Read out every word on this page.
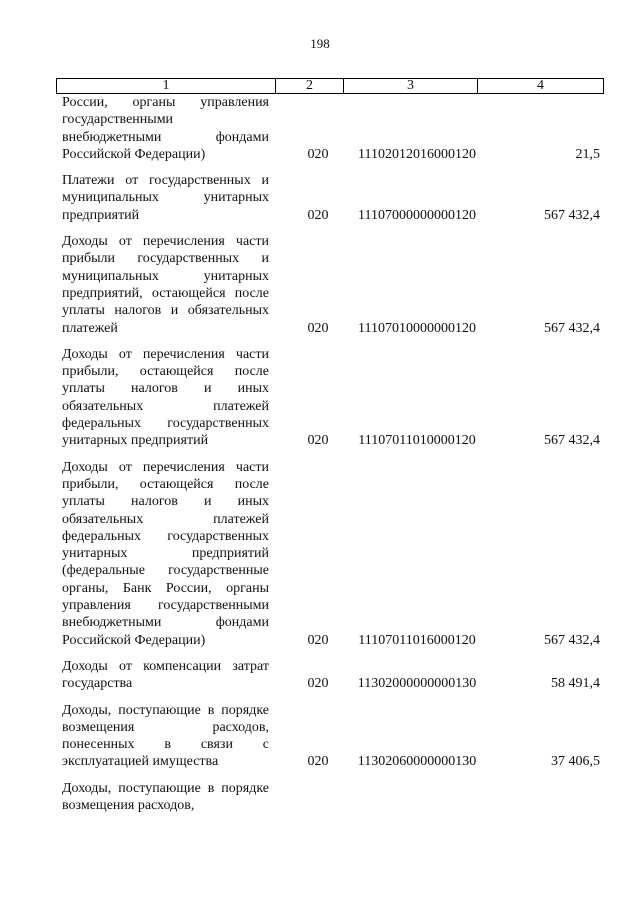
198
1	2	3	4
России, органы управления государственными внебюджетными фондами Российской Федерации)	020	11102012016000120	21,5
Платежи от государственных и муниципальных унитарных предприятий	020	11107000000000120	567 432,4
Доходы от перечисления части прибыли государственных и муниципальных унитарных предприятий, остающейся после уплаты налогов и обязательных платежей	020	11107010000000120	567 432,4
Доходы от перечисления части прибыли, остающейся после уплаты налогов и иных обязательных платежей федеральных государственных унитарных предприятий	020	11107011010000120	567 432,4
Доходы от перечисления части прибыли, остающейся после уплаты налогов и иных обязательных платежей федеральных государственных унитарных предприятий (федеральные государственные органы, Банк России, органы управления государственными внебюджетными фондами Российской Федерации)	020	11107011016000120	567 432,4
Доходы от компенсации затрат государства	020	11302000000000130	58 491,4
Доходы, поступающие в порядке возмещения расходов, понесенных в связи с эксплуатацией имущества	020	11302060000000130	37 406,5
Доходы, поступающие в порядке возмещения расходов,
